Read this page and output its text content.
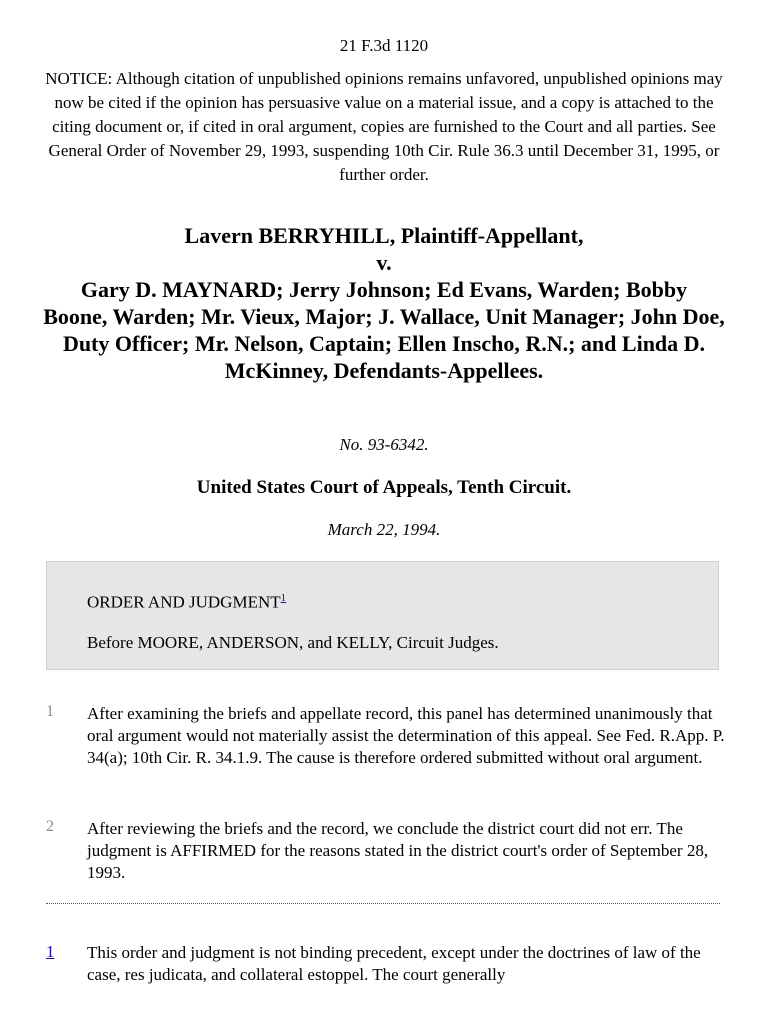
21 F.3d 1120
NOTICE: Although citation of unpublished opinions remains unfavored, unpublished opinions may now be cited if the opinion has persuasive value on a material issue, and a copy is attached to the citing document or, if cited in oral argument, copies are furnished to the Court and all parties. See General Order of November 29, 1993, suspending 10th Cir. Rule 36.3 until December 31, 1995, or further order.
Lavern BERRYHILL, Plaintiff-Appellant,
v.
Gary D. MAYNARD; Jerry Johnson; Ed Evans, Warden; Bobby
Boone, Warden; Mr. Vieux, Major; J. Wallace, Unit Manager; John Doe, Duty Officer; Mr. Nelson, Captain; Ellen Inscho, R.N.; and Linda D. McKinney, Defendants-Appellees.
No. 93-6342.
United States Court of Appeals, Tenth Circuit.
March 22, 1994.
ORDER AND JUDGMENT$^1$
Before MOORE, ANDERSON, and KELLY, Circuit Judges.
1 After examining the briefs and appellate record, this panel has determined unanimously that oral argument would not materially assist the determination of this appeal. See Fed. R.App. P. 34(a); 10th Cir. R. 34.1.9. The cause is therefore ordered submitted without oral argument.
2 After reviewing the briefs and the record, we conclude the district court did not err. The judgment is AFFIRMED for the reasons stated in the district court's order of September 28, 1993.
1 This order and judgment is not binding precedent, except under the doctrines of law of the case, res judicata, and collateral estoppel. The court generally
